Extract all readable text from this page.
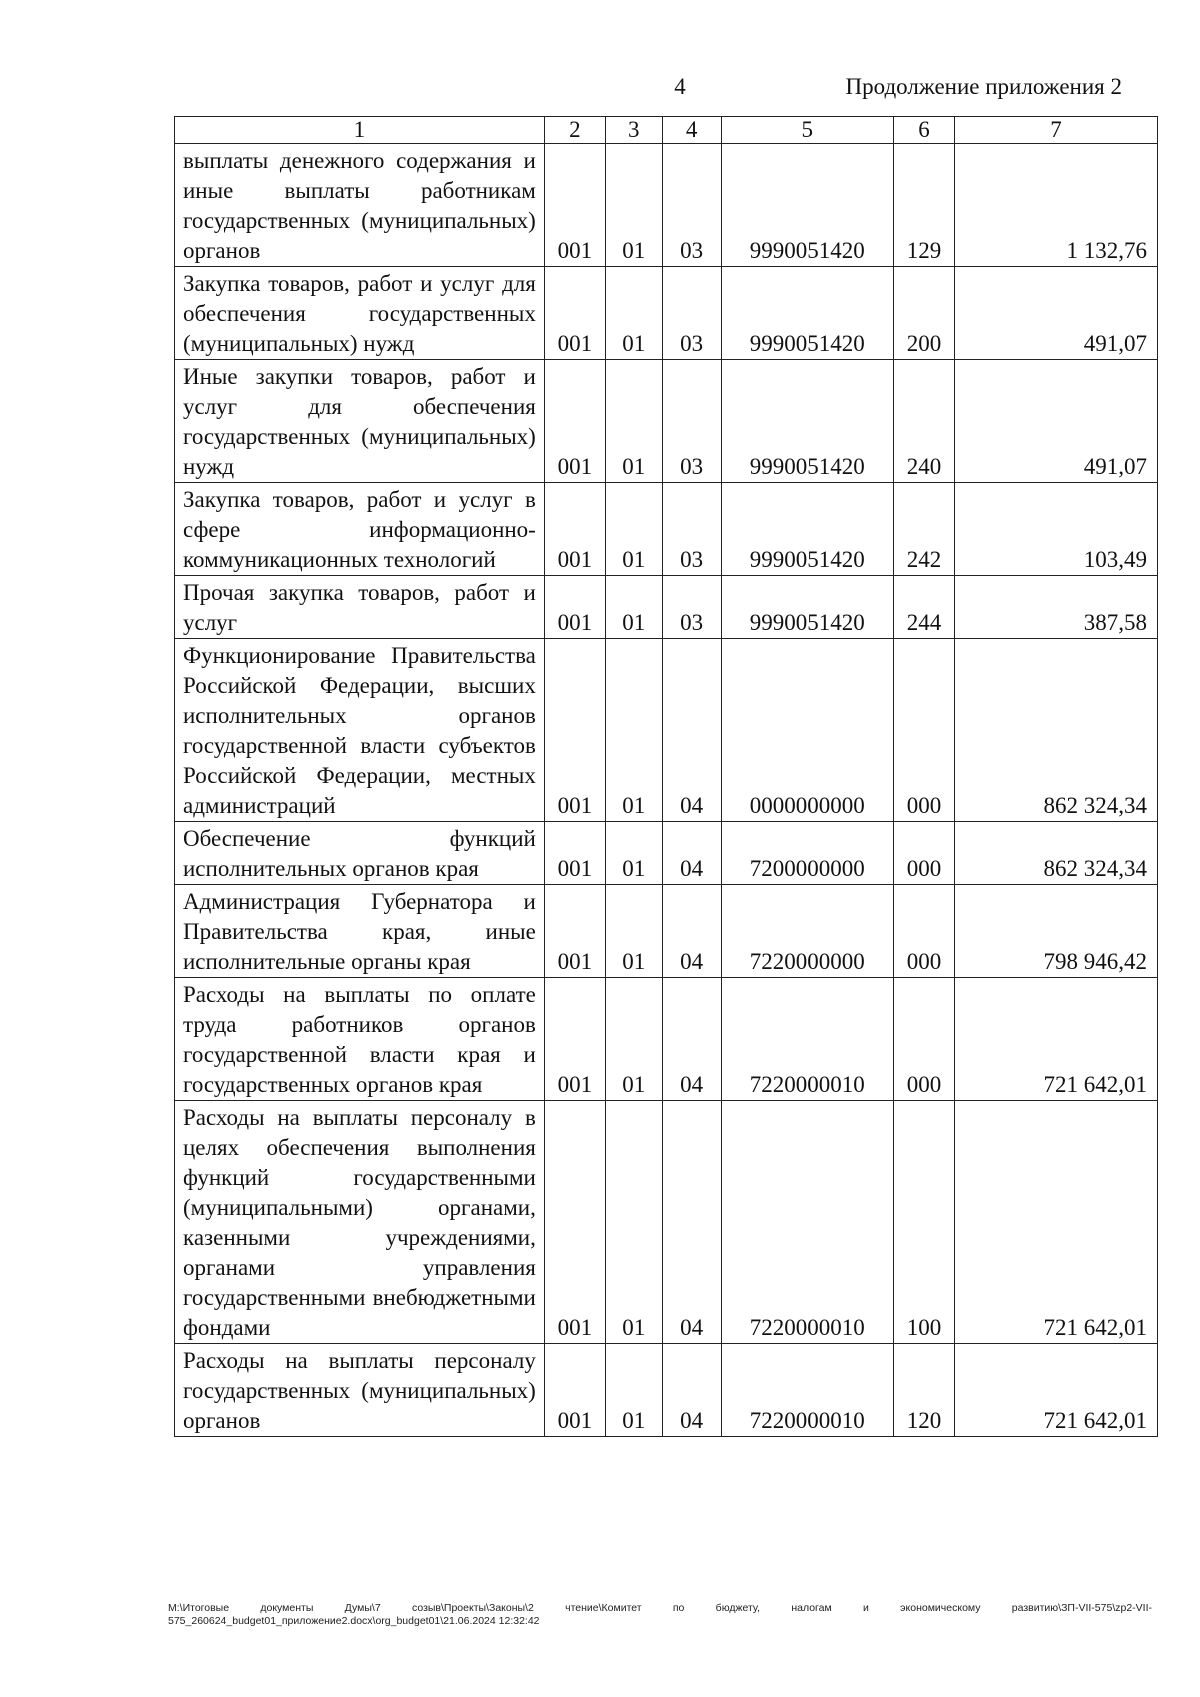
4	Продолжение приложения 2
1	2	3	4	5	6	7
выплаты денежного содержания и иные выплаты работникам государственных (муниципальных) органов	001	01	03	9990051420	129	1 132,76
Закупка товаров, работ и услуг для обеспечения государственных (муниципальных) нужд	001	01	03	9990051420	200	491,07
Иные закупки товаров, работ и услуг для обеспечения государственных (муниципальных) нужд	001	01	03	9990051420	240	491,07
Закупка товаров, работ и услуг в сфере информационно-коммуникационных технологий	001	01	03	9990051420	242	103,49
Прочая закупка товаров, работ и услуг	001	01	03	9990051420	244	387,58
Функционирование Правительства Российской Федерации, высших исполнительных органов государственной власти субъектов Российской Федерации, местных администраций	001	01	04	0000000000	000	862 324,34
Обеспечение функций исполнительных органов края	001	01	04	7200000000	000	862 324,34
Администрация Губернатора и Правительства края, иные исполнительные органы края	001	01	04	7220000000	000	798 946,42
Расходы на выплаты по оплате труда работников органов государственной власти края и государственных органов края	001	01	04	7220000010	000	721 642,01
Расходы на выплаты персоналу в целях обеспечения выполнения функций государственными (муниципальными) органами, казенными учреждениями, органами управления государственными внебюджетными фондами	001	01	04	7220000010	100	721 642,01
Расходы на выплаты персоналу государственных (муниципальных) органов	001	01	04	7220000010	120	721 642,01
М:\Итоговые документы Думы\7 созыв\Проекты\Законы\2 чтение\Комитет по бюджету, налогам и экономическому развитию\ЗП-VII-575\zp2-VII-575_260624_budget01_приложение2.docx\org_budget01\21.06.2024 12:32:42
